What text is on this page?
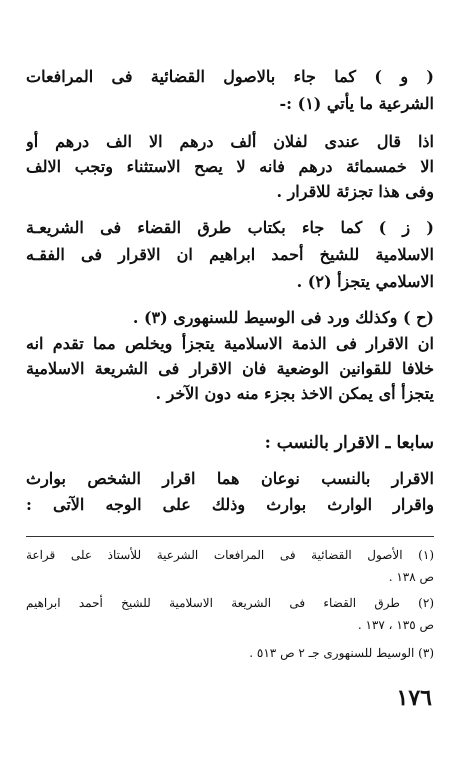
( و ) كما جاء بالاصول القضائية فى المرافعات
الشرعية ما يأتي (١) :-
اذا قال عندى لفلان ألف درهم الا الف درهم أو
الا خمسمائة درهم فانه لا يصح الاستثناء وتجب الالف
وفى هذا تجزئة للاقرار .
( ز ) كما جاء بكتاب طرق القضاء فى الشريعـة
الاسلامية للشيخ أحمد ابراهيم ان الاقرار فى الفقـه
الاسلامي يتجزأ (٢) .
(ح ) وكذلك ورد فى الوسيط للسنهورى (٣) .
ان الاقرار فى الذمة الاسلامية يتجزأ ويخلص مما تقدم انه
خلافا للقوانين الوضعية فان الاقرار فى الشريعة الاسلامية
يتجزأ أى يمكن الاخذ بجزء منه دون الآخر .
سابعا ـ الاقرار بالنسب :
الاقرار بالنسب نوعان هما اقرار الشخص بوارث
واقرار الوارث بوارث وذلك على الوجه الآتى :
(١) الأصول القضائية فى المرافعات الشرعية للأستاذ على قراعة
ص ١٣٨ .
(٢) طرق القضاء فى الشريعة الاسلامية للشيخ أحمد ابراهيم
ص ١٣٥ ، ١٣٧ .
(٣) الوسيط للسنهورى جـ ٢ ص ٥١٣ .
١٧٦
